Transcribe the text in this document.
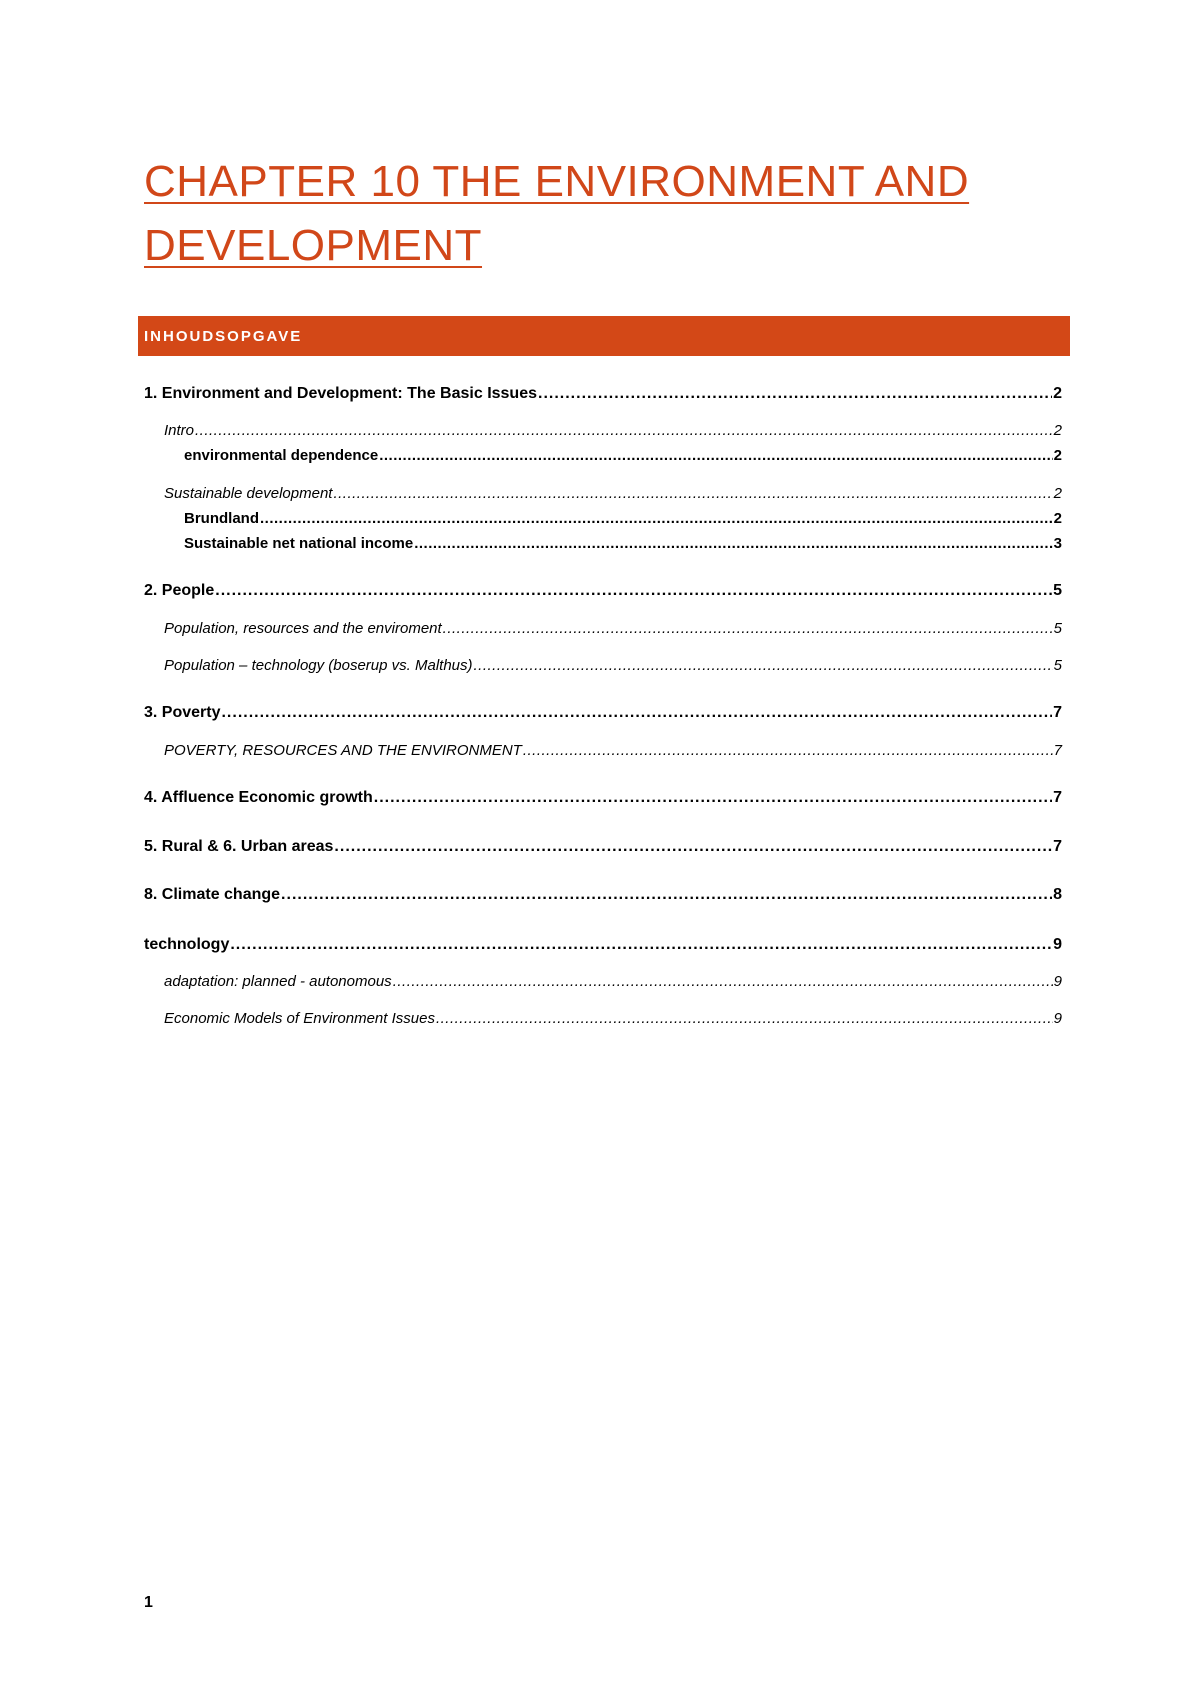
CHAPTER 10 THE ENVIRONMENT AND DEVELOPMENT
INHOUDSOPGAVE
1. Environment and Development: The Basic Issues .....	2
Intro .....	2
environmental dependence .....	2
Sustainable development .....	2
Brundland .....	2
Sustainable net national income .....	3
2. People .....	5
Population, resources and the enviroment .....	5
Population – technology (boserup vs. Malthus) .....	5
3. Poverty .....	7
POVERTY, RESOURCES AND THE ENVIRONMENT .....	7
4. Affluence Economic growth .....	7
5. Rural & 6. Urban areas .....	7
8. Climate change .....	8
technology .....	9
adaptation: planned - autonomous .....	9
Economic Models of Environment Issues .....	9
1
